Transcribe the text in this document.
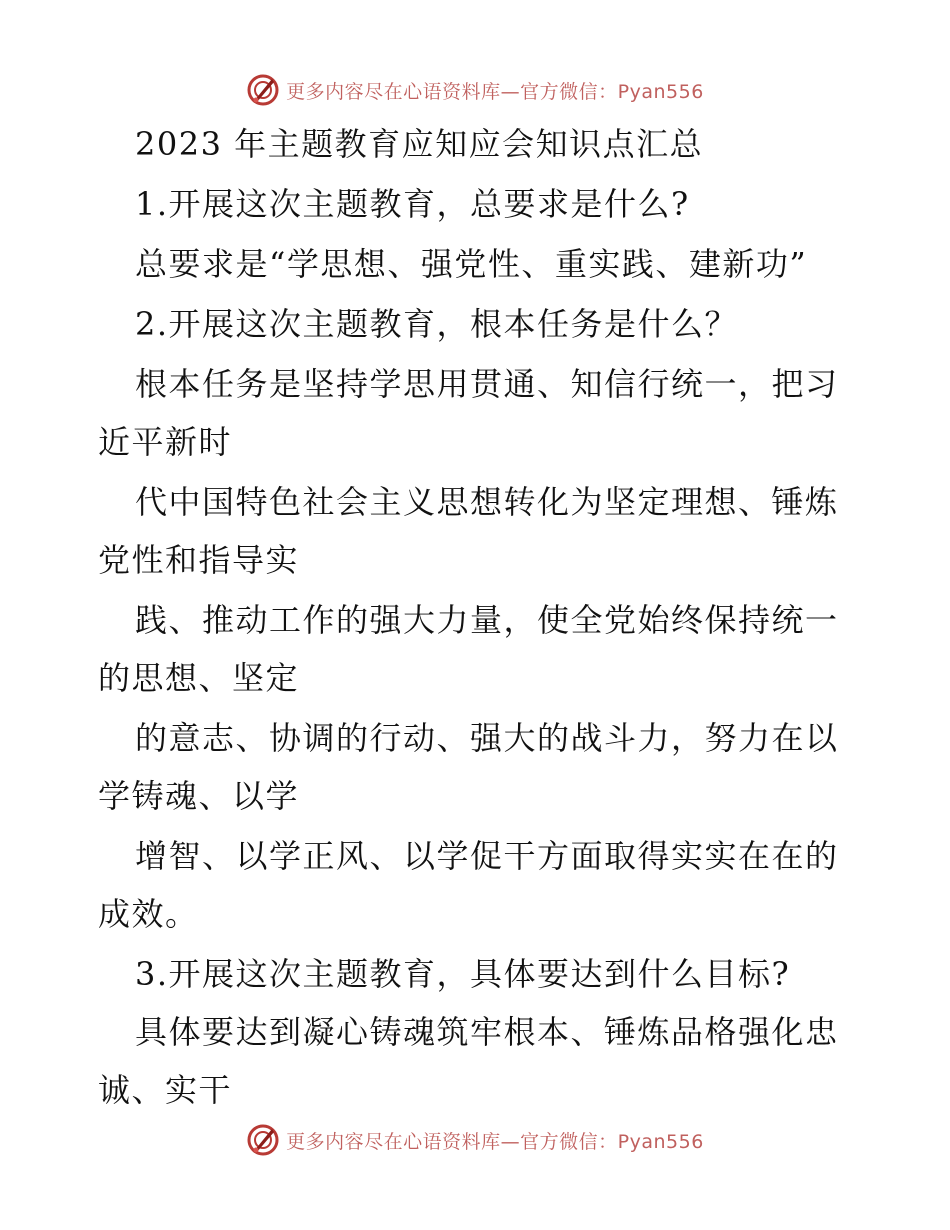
更多内容尽在心语资料库—官方微信：Pyan556
2023 年主题教育应知应会知识点汇总
1.开展这次主题教育，总要求是什么?
总要求是“学思想、强党性、重实践、建新功”
2.开展这次主题教育，根本任务是什么？
根本任务是坚持学思用贯通、知信行统一，把习
近平新时
代中国特色社会主义思想转化为坚定理想、锤炼
党性和指导实
践、推动工作的强大力量，使全党始终保持统一
的思想、坚定
的意志、协调的行动、强大的战斗力，努力在以
学铸魂、以学
增智、以学正风、以学促干方面取得实实在在的
成效。
3.开展这次主题教育，具体要达到什么目标?
具体要达到凝心铸魂筑牢根本、锤炼品格强化忠
诚、实干
更多内容尽在心语资料库—官方微信：Pyan556
